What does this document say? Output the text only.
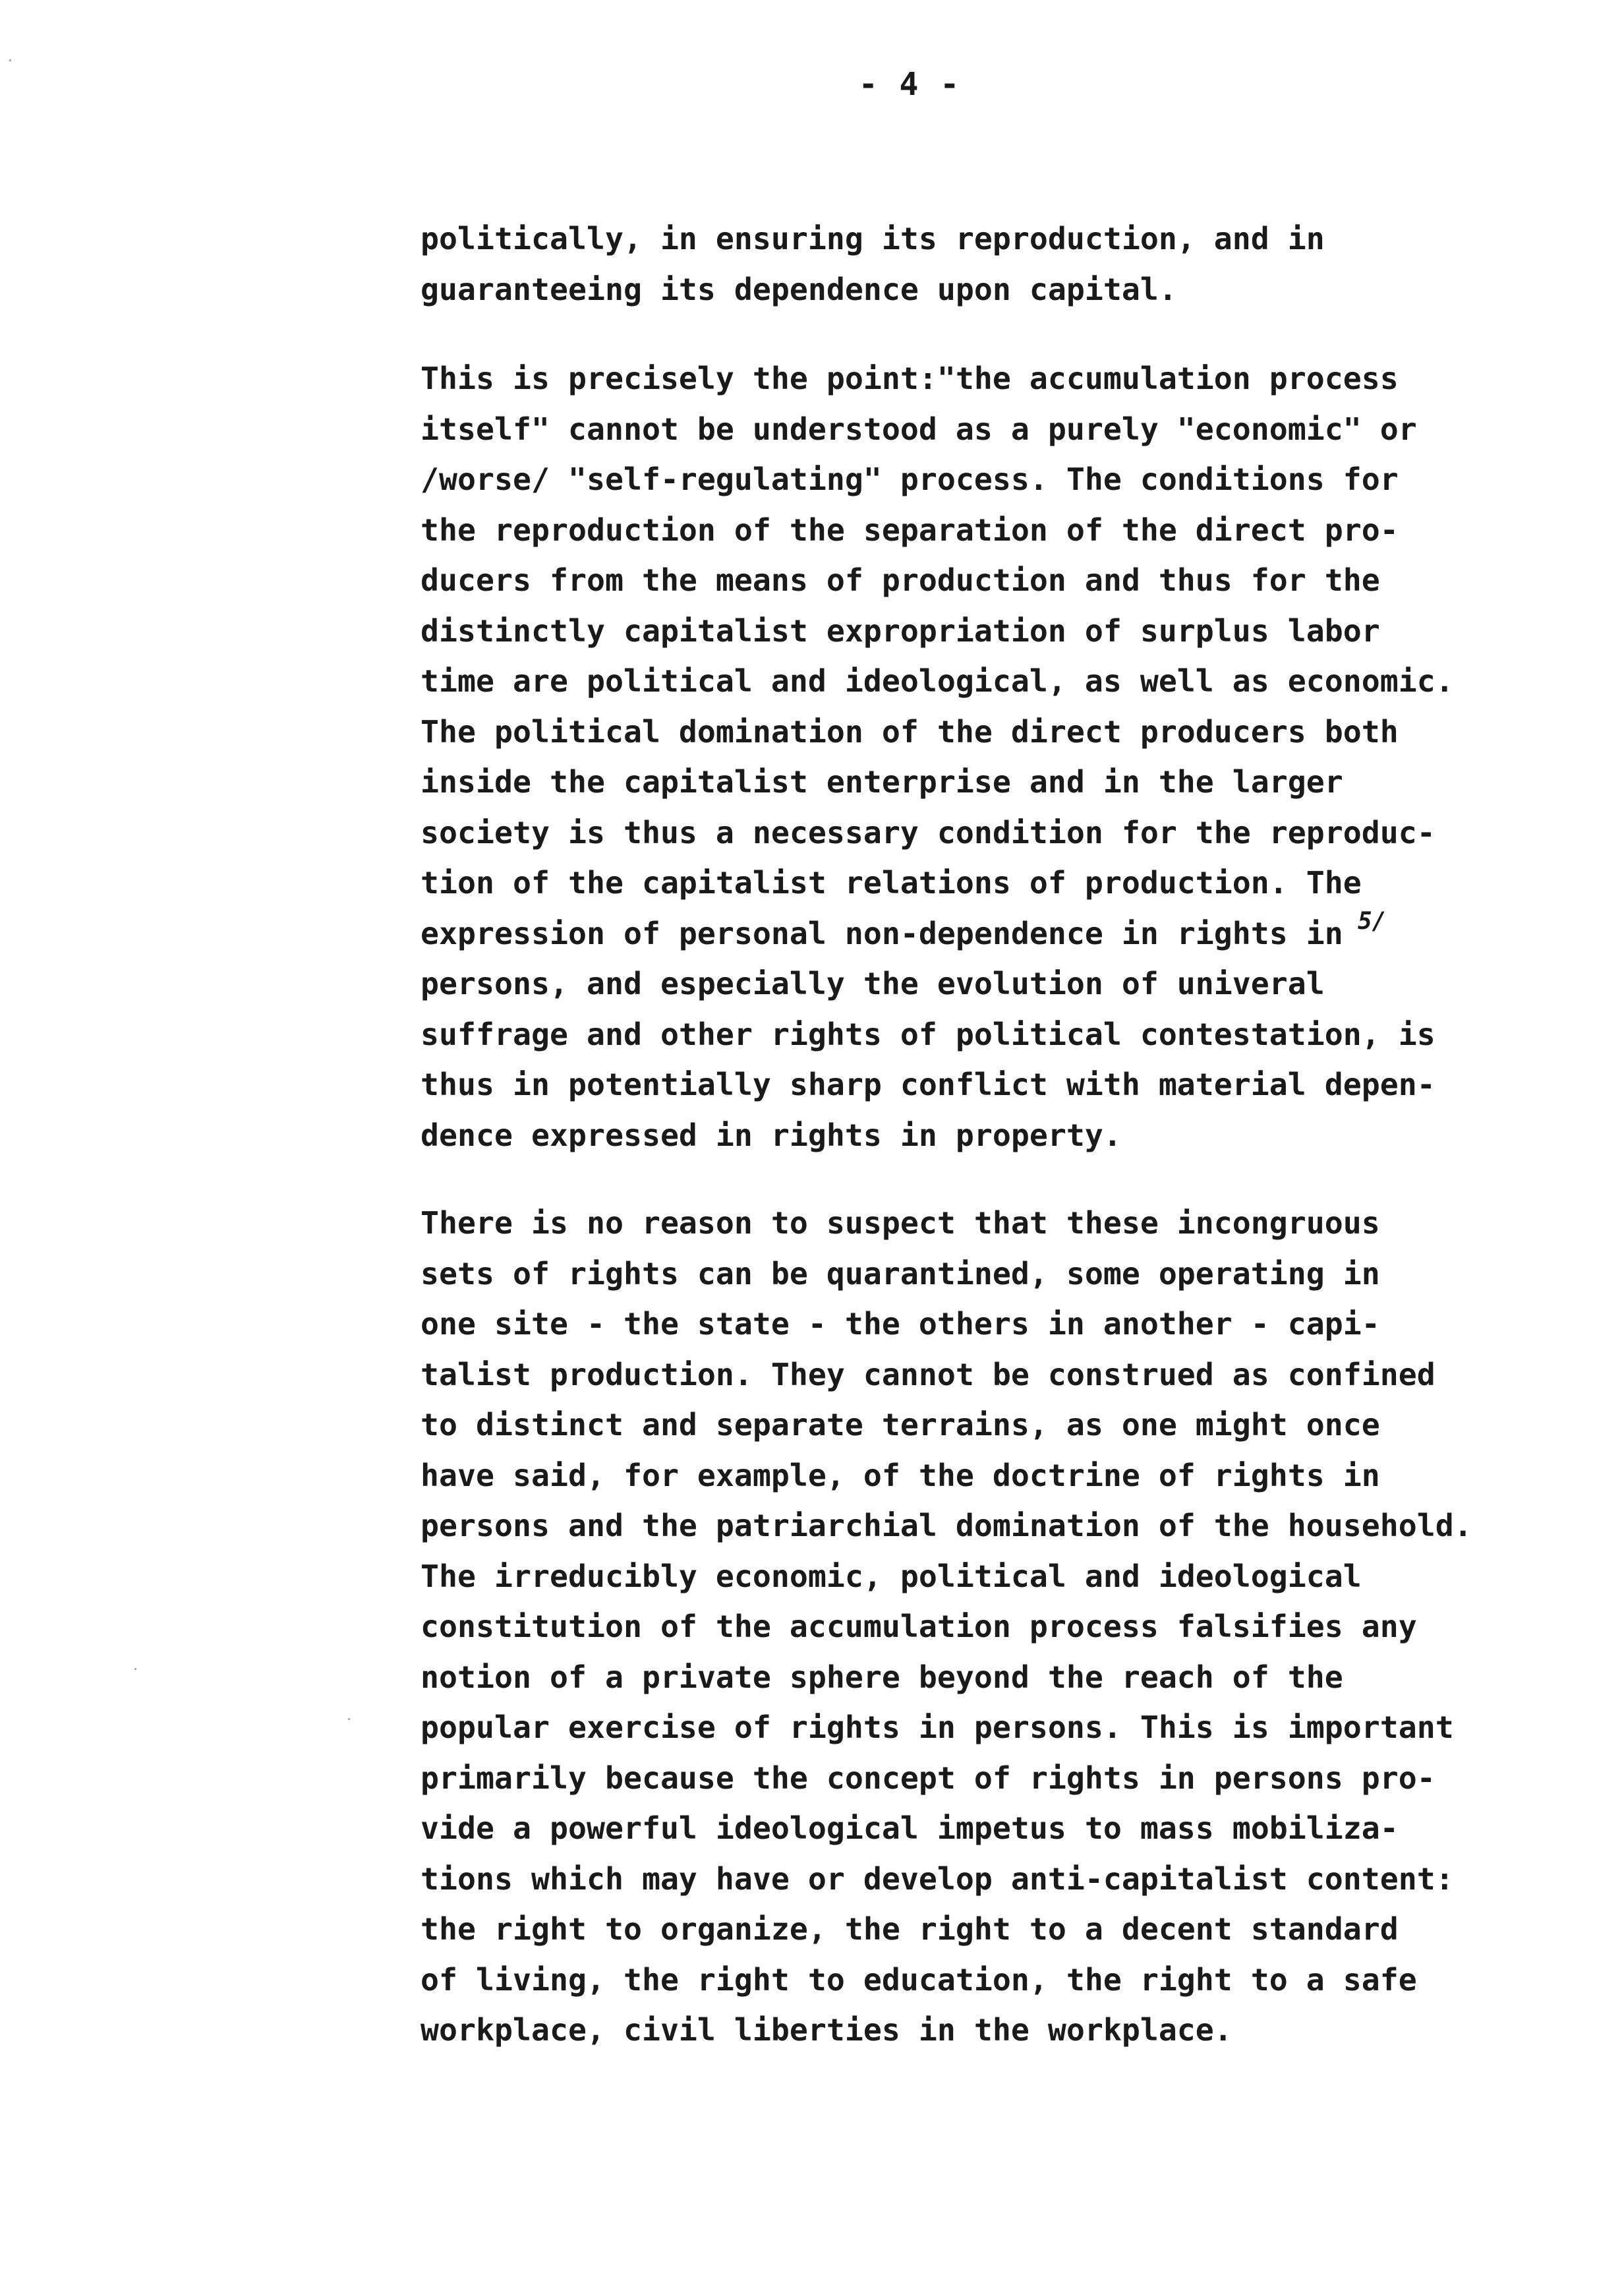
- 4 -
politically, in ensuring its reproduction, and in
guaranteeing its dependence upon capital.
This is precisely the point:"the accumulation process
itself" cannot be understood as a purely "economic" or
/worse/ "self-regulating" process. The conditions for
the reproduction of the separation of the direct pro-
ducers from the means of production and thus for the
distinctly capitalist expropriation of surplus labor
time are political and ideological, as well as economic.
The political domination of the direct producers both
inside the capitalist enterprise and in the larger
society is thus a necessary condition for the reproduc-
tion of the capitalist relations of production. The
expression of personal non-dependence in rights in
persons, and especially the evolution of univeral
suffrage and other rights of political contestation, is
thus in potentially sharp conflict with material depen-
dence expressed in rights in property.
5/
There is no reason to suspect that these incongruous
sets of rights can be quarantined, some operating in
one site - the state - the others in another - capi-
talist production. They cannot be construed as confined
to distinct and separate terrains, as one might once
have said, for example, of the doctrine of rights in
persons and the patriarchial domination of the household.
The irreducibly economic, political and ideological
constitution of the accumulation process falsifies any
notion of a private sphere beyond the reach of the
popular exercise of rights in persons. This is important
primarily because the concept of rights in persons pro-
vide a powerful ideological impetus to mass mobiliza-
tions which may have or develop anti-capitalist content:
the right to organize, the right to a decent standard
of living, the right to education, the right to a safe
workplace, civil liberties in the workplace.
